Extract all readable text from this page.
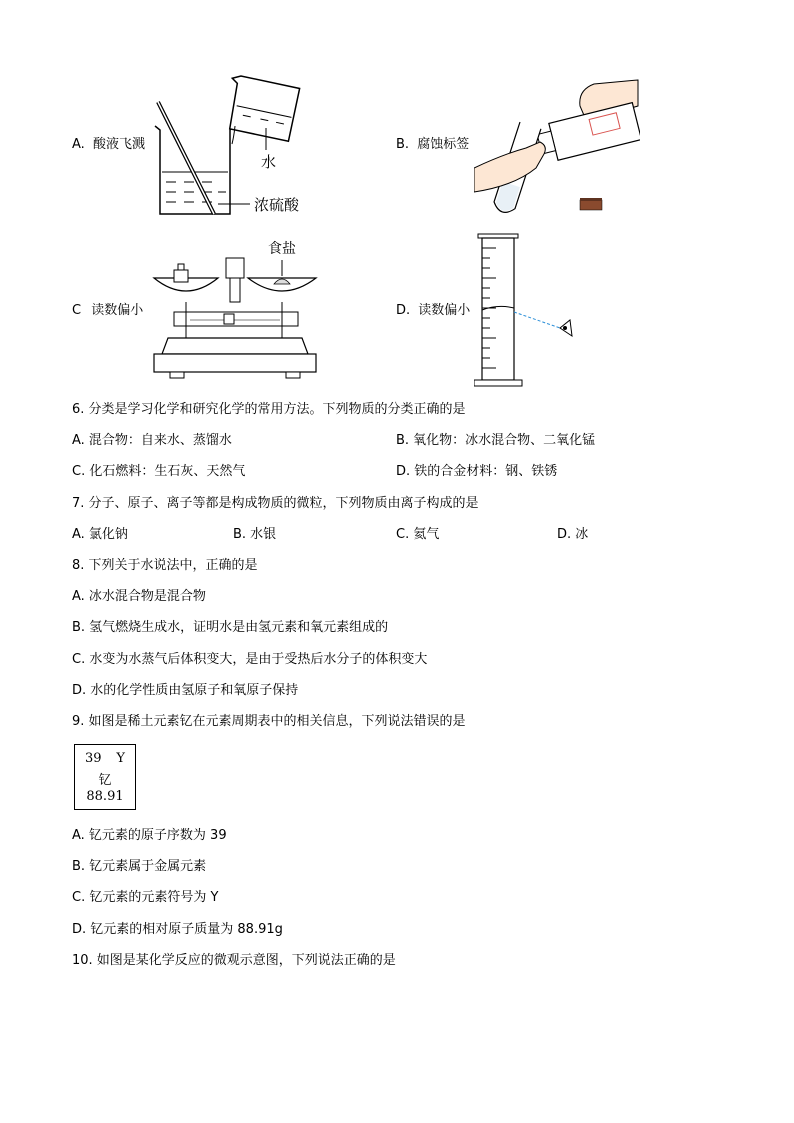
A. 酸液飞溅
水
浓硫酸
B. 腐蚀标签
C 读数偏小
食盐
D. 读数偏小
6. 分类是学习化学和研究化学的常用方法。下列物质的分类正确的是
A. 混合物：自来水、蒸馏水	B. 氧化物：冰水混合物、二氧化锰
C. 化石燃料：生石灰、天然气	D. 铁的合金材料：钢、铁锈
7. 分子、原子、离子等都是构成物质的微粒，下列物质由离子构成的是
A. 氯化钠	B. 水银	C. 氦气	D. 冰
8. 下列关于水说法中，正确的是
A. 冰水混合物是混合物
B. 氢气燃烧生成水，证明水是由氢元素和氧元素组成的
C. 水变为水蒸气后体积变大，是由于受热后水分子的体积变大
D. 水的化学性质由氢原子和氧原子保持
9. 如图是稀土元素钇在元素周期表中的相关信息，下列说法错误的是
39 Y
钇
88.91
A. 钇元素的原子序数为 39
B. 钇元素属于金属元素
C. 钇元素的元素符号为 Y
D. 钇元素的相对原子质量为 88.91g
10. 如图是某化学反应的微观示意图，下列说法正确的是
